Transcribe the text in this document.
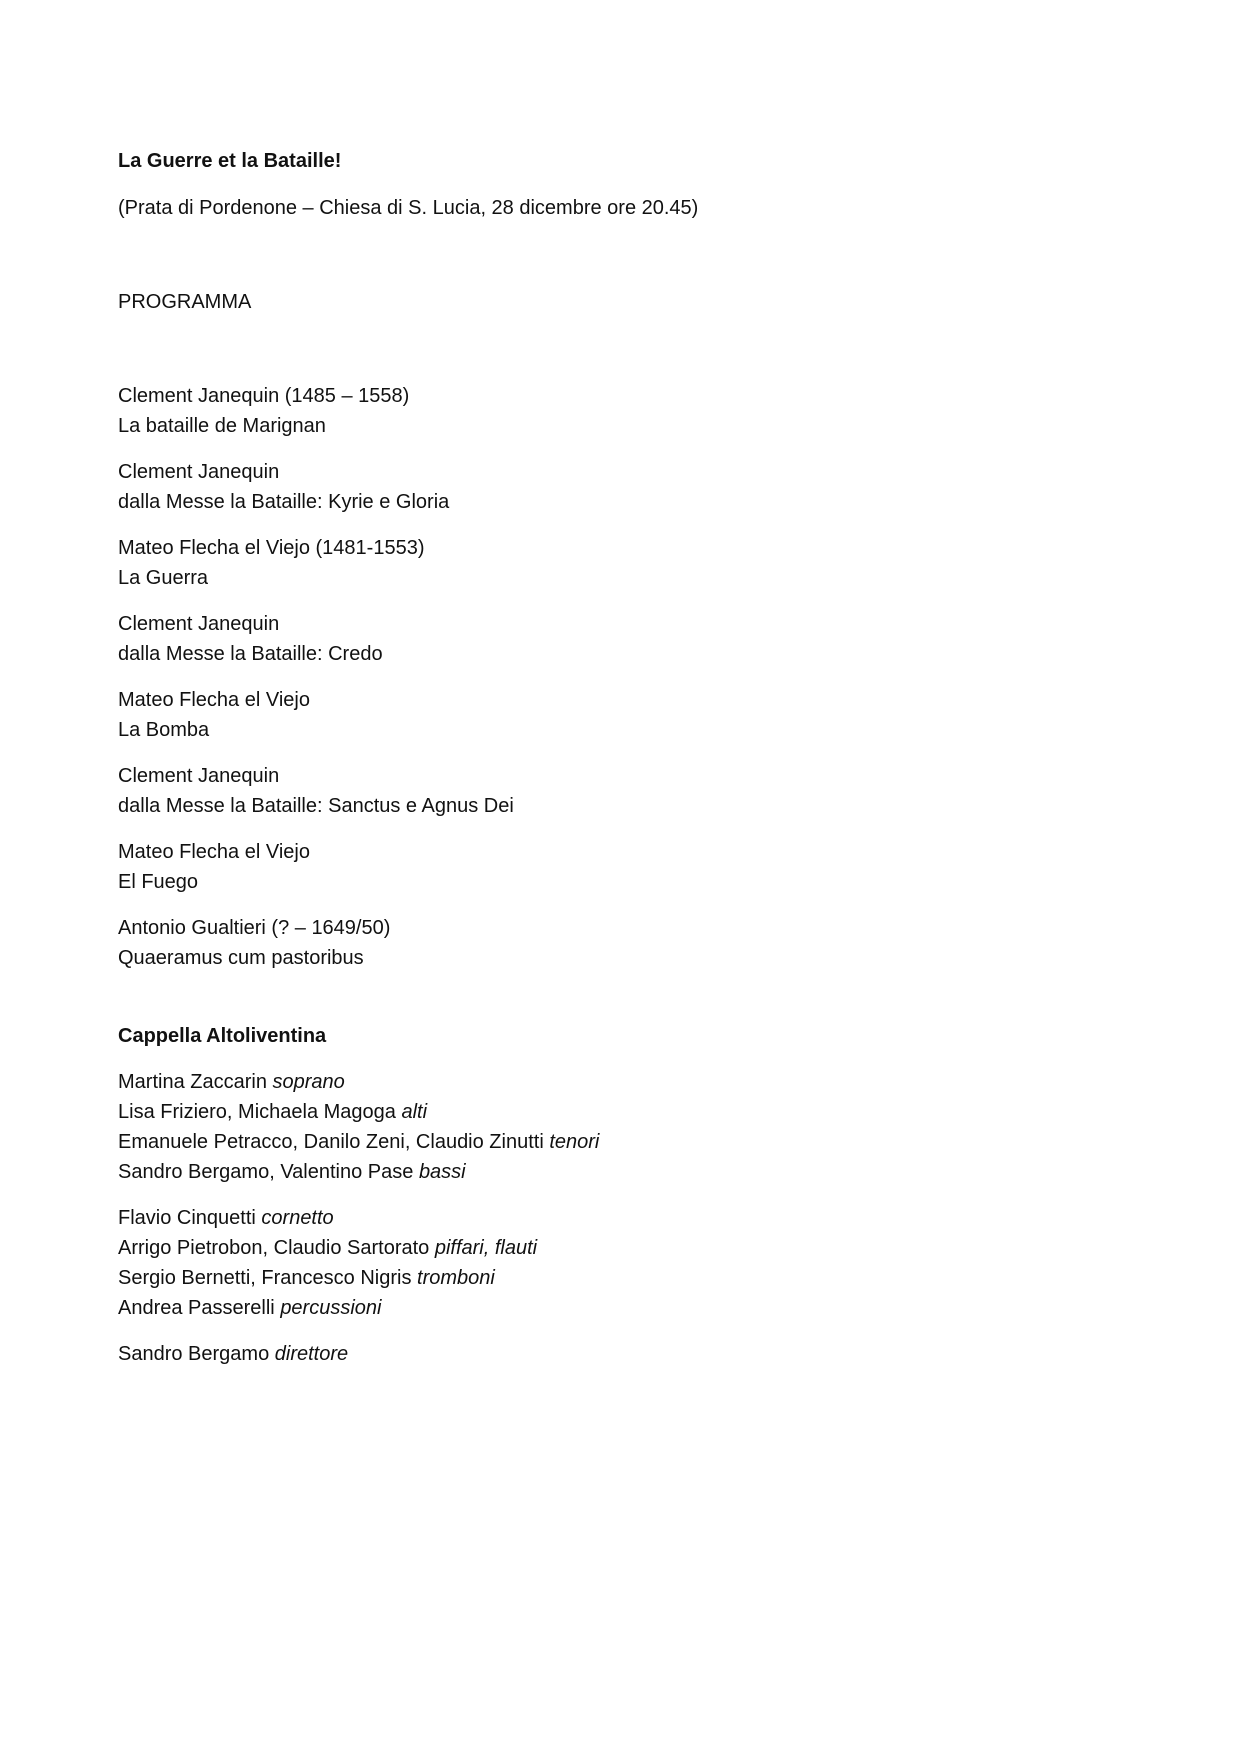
La Guerre et la Bataille!

(Prata di Pordenone – Chiesa di S. Lucia, 28 dicembre ore 20.45)

PROGRAMMA

Clement Janequin (1485 – 1558)
La bataille de Marignan
Clement Janequin
dalla Messe la Bataille: Kyrie e Gloria
Mateo Flecha el Viejo (1481-1553)
La Guerra
Clement Janequin
dalla Messe la Bataille: Credo
Mateo Flecha el Viejo
La Bomba
Clement Janequin
dalla Messe la Bataille: Sanctus e Agnus Dei
Mateo Flecha el Viejo
El Fuego
Antonio Gualtieri (? – 1649/50)
Quaeramus cum pastoribus
Cappella Altoliventina
Martina Zaccarin soprano
Lisa Friziero, Michaela Magoga alti
Emanuele Petracco, Danilo Zeni, Claudio Zinutti tenori
Sandro Bergamo, Valentino Pase bassi
Flavio Cinquetti cornetto
Arrigo Pietrobon, Claudio Sartorato piffari, flauti
Sergio Bernetti, Francesco Nigris tromboni
Andrea Passerelli percussioni
Sandro Bergamo direttore
